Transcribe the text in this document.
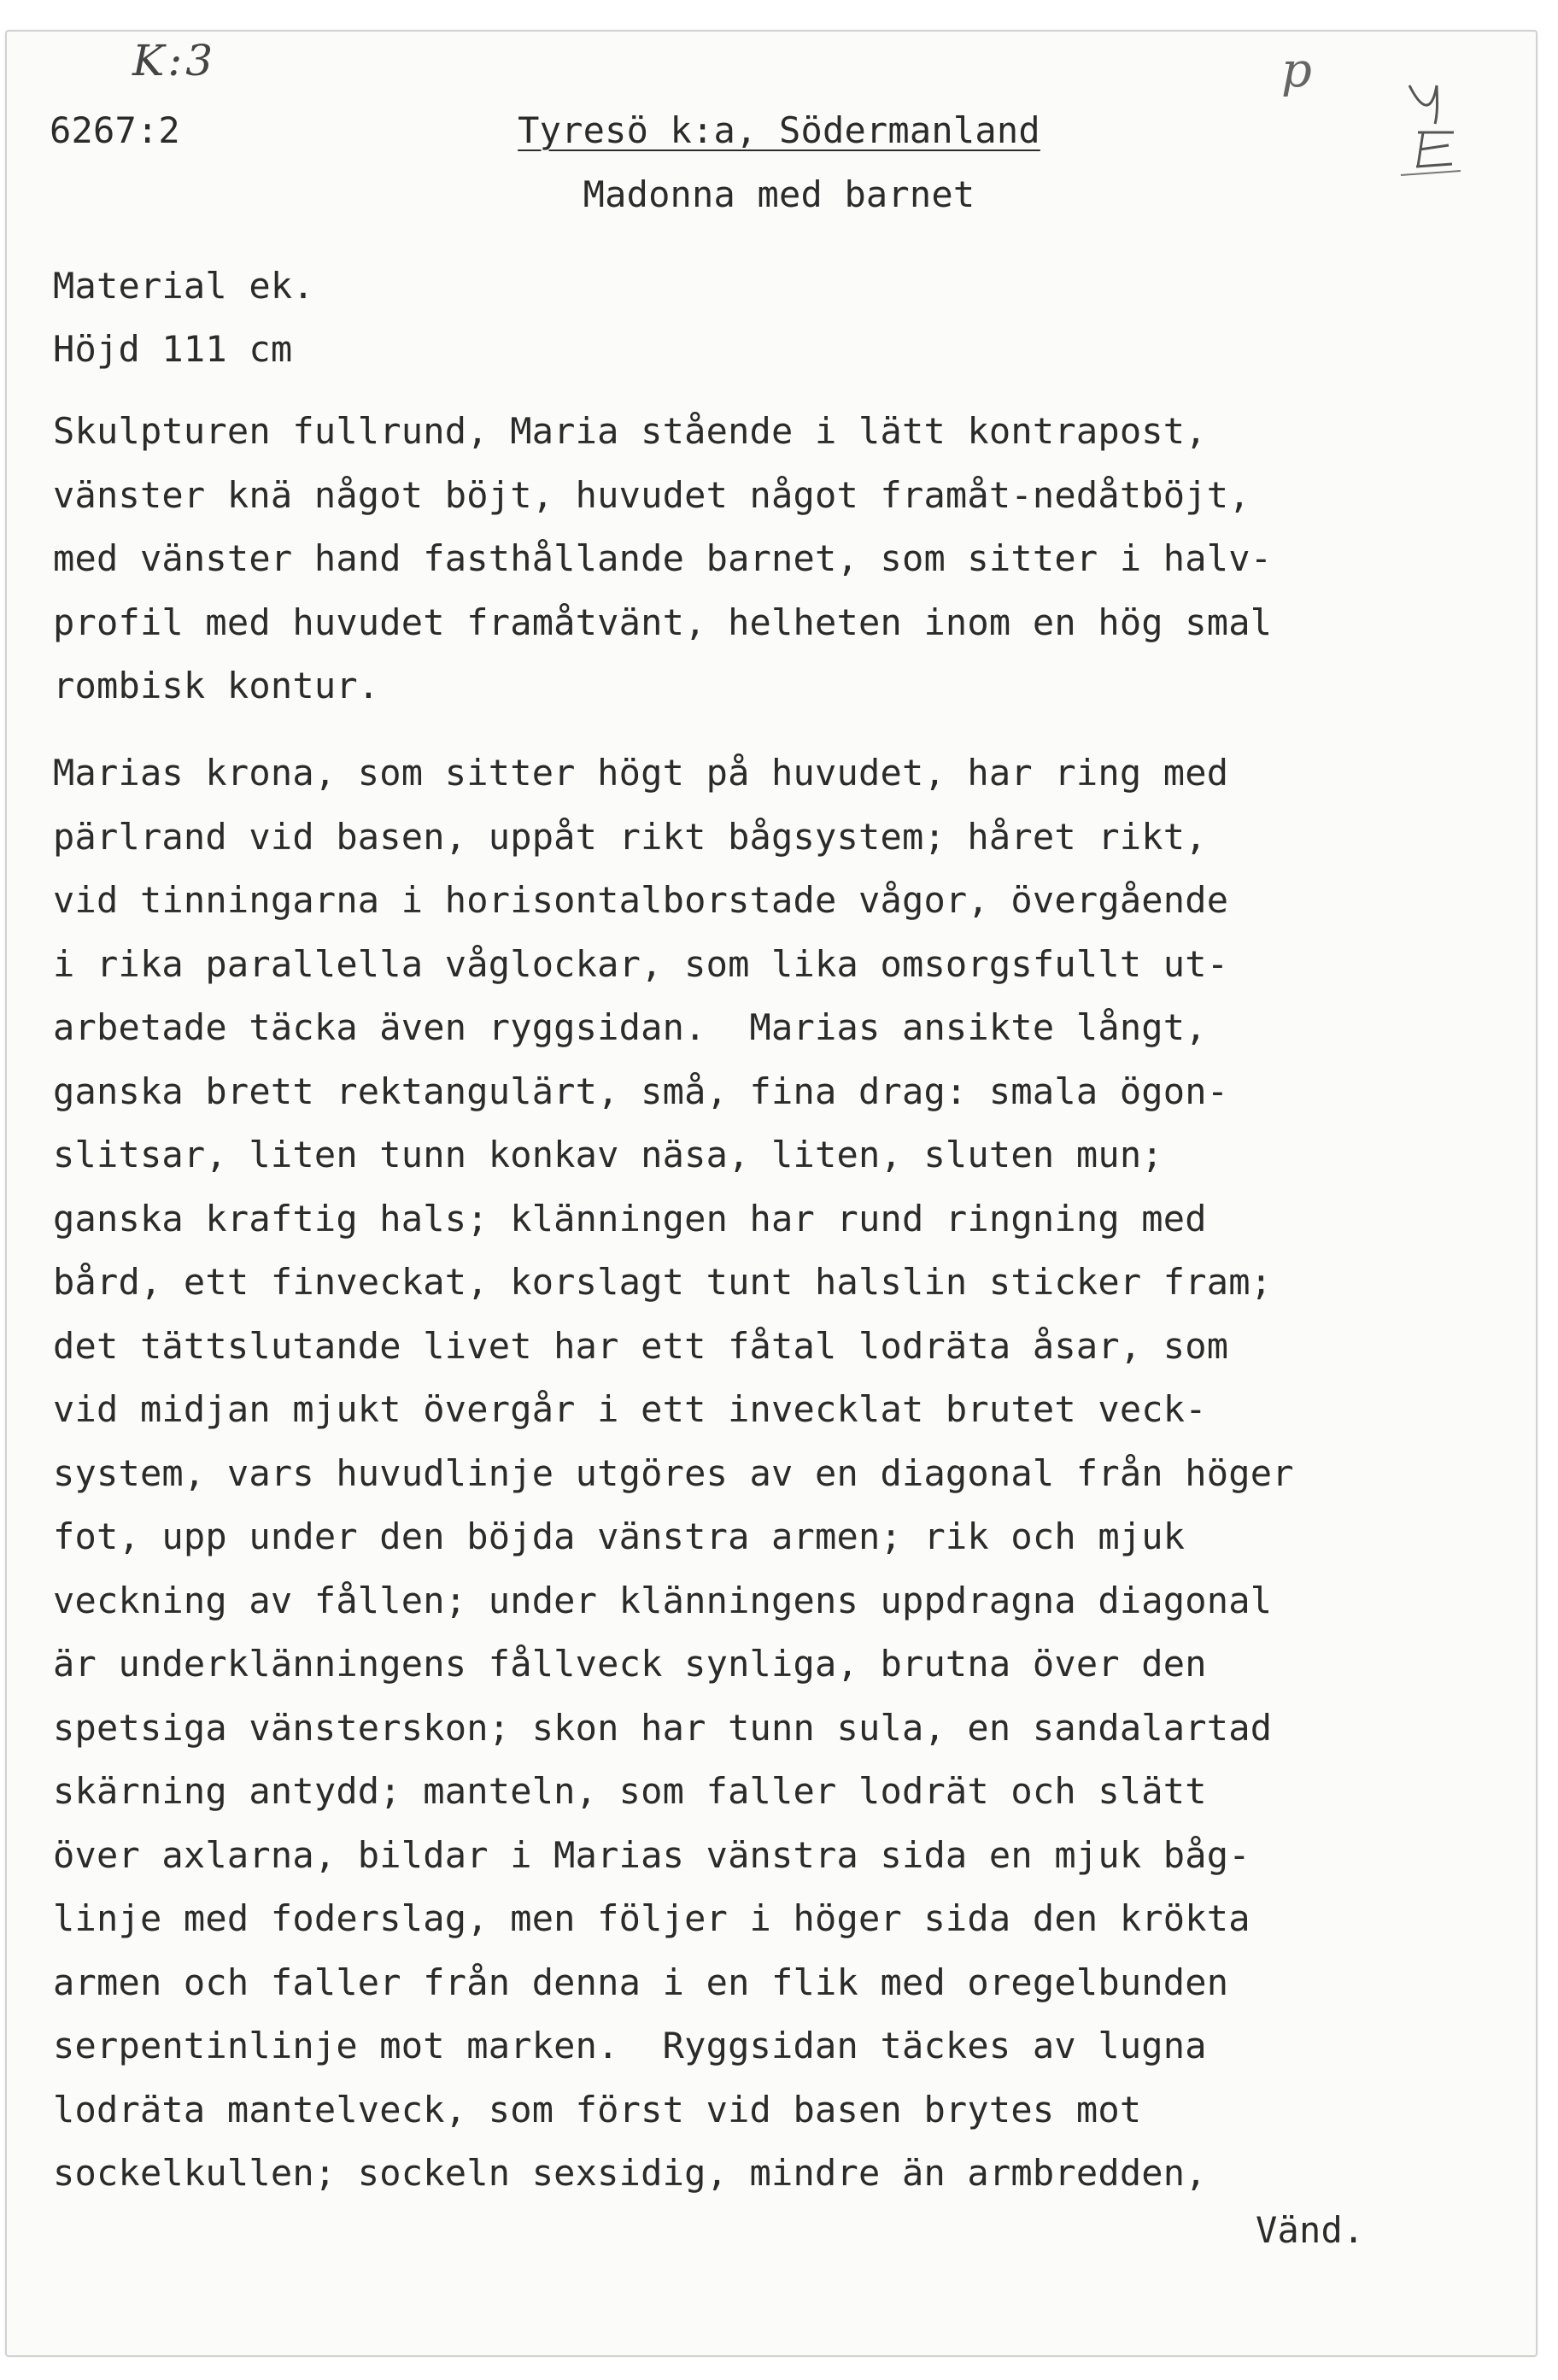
K:3	p
6267:2	Tyresö k:a, Södermanland
Madonna med barnet
Material ek.
Höjd 111 cm
Skulpturen fullrund, Maria stående i lätt kontrapost,
vänster knä något böjt, huvudet något framåt-nedåtböjt,
med vänster hand fasthållande barnet, som sitter i halv-
profil med huvudet framåtvänt, helheten inom en hög smal
rombisk kontur.
Marias krona, som sitter högt på huvudet, har ring med
pärlrand vid basen, uppåt rikt bågsystem; håret rikt,
vid tinningarna i horisontalborstade vågor, övergående
i rika parallella våglockar, som lika omsorgsfullt ut-
arbetade täcka även ryggsidan.  Marias ansikte långt,
ganska brett rektangulärt, små, fina drag: smala ögon-
slitsar, liten tunn konkav näsa, liten, sluten mun;
ganska kraftig hals; klänningen har rund ringning med
bård, ett finveckat, korslagt tunt halslin sticker fram;
det tättslutande livet har ett fåtal lodräta åsar, som
vid midjan mjukt övergår i ett invecklat brutet veck-
system, vars huvudlinje utgöres av en diagonal från höger
fot, upp under den böjda vänstra armen; rik och mjuk
veckning av fållen; under klänningens uppdragna diagonal
är underklänningens fållveck synliga, brutna över den
spetsiga vänsterskon; skon har tunn sula, en sandalartad
skärning antydd; manteln, som faller lodrät och slätt
över axlarna, bildar i Marias vänstra sida en mjuk båg-
linje med foderslag, men följer i höger sida den krökta
armen och faller från denna i en flik med oregelbunden
serpentinlinje mot marken.  Ryggsidan täckes av lugna
lodräta mantelveck, som först vid basen brytes mot
sockelkullen; sockeln sexsidig, mindre än armbredden,
Vänd.
